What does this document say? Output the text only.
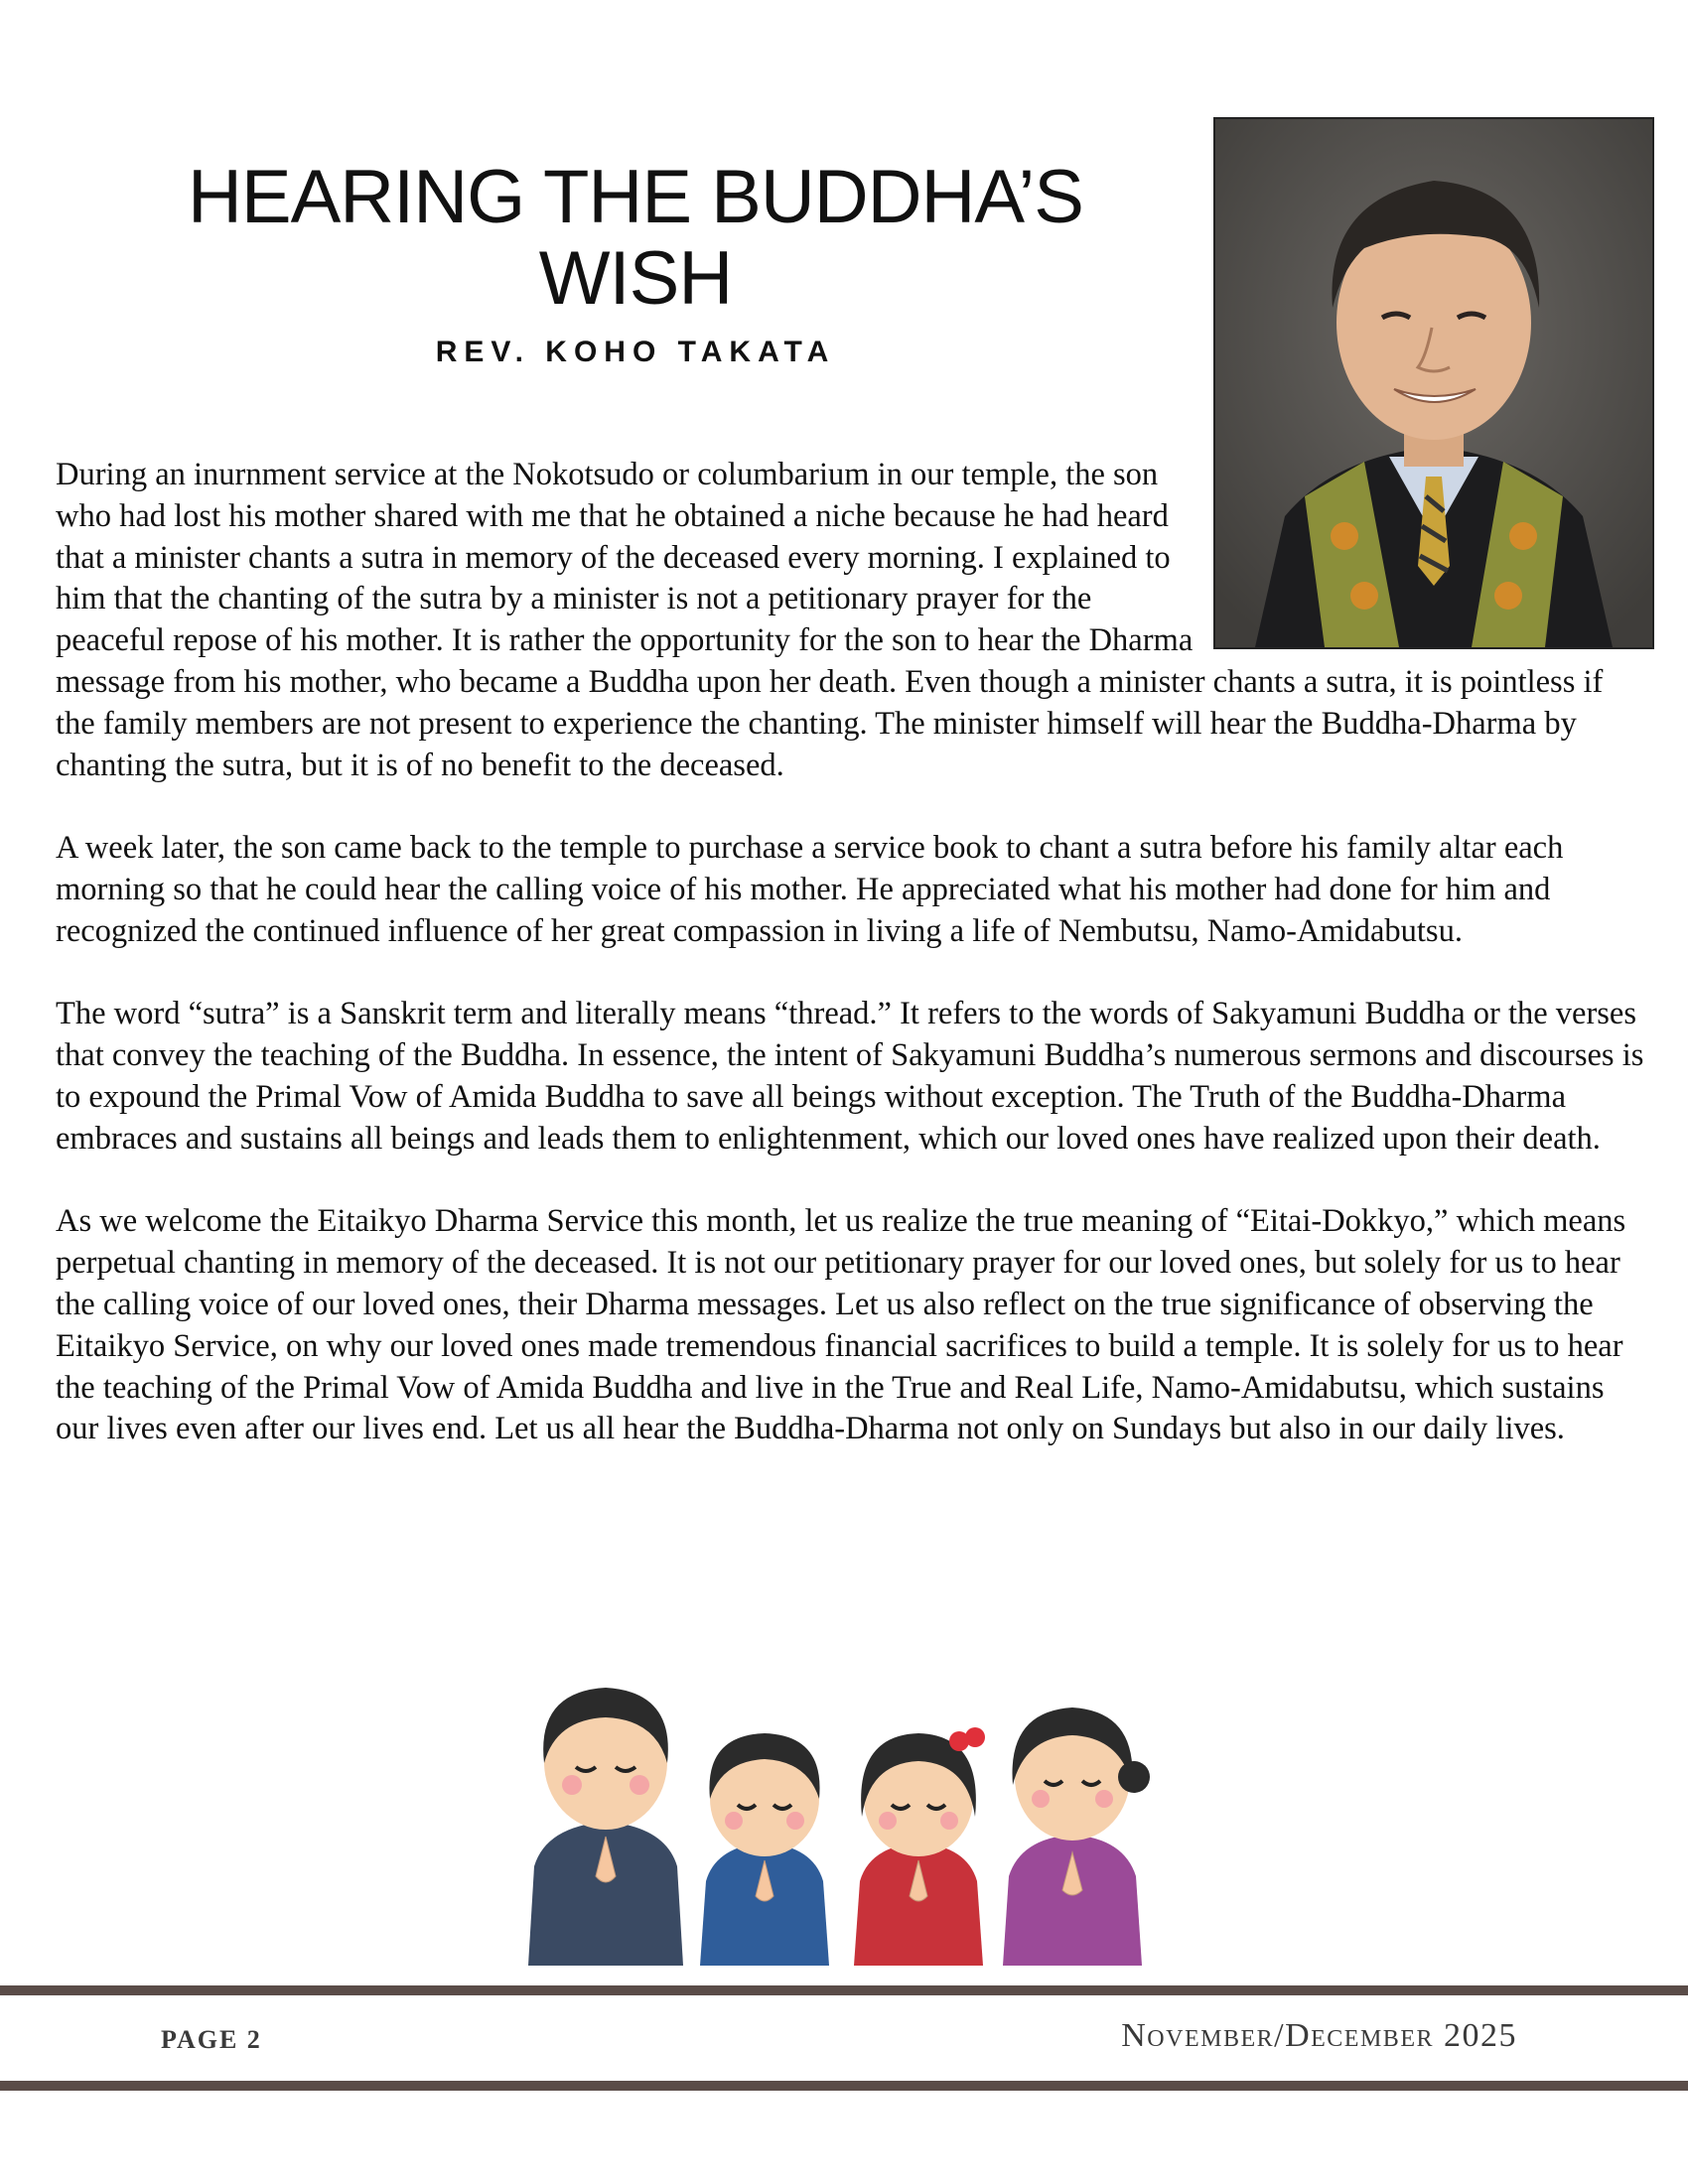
HEARING THE BUDDHA’S
WISH
REV. KOHO TAKATA

During an inurnment service at the Nokotsudo or columbarium in our temple, the son who had lost his mother shared with me that he obtained a niche because he had heard that a minister chants a sutra in memory of the deceased every morning. I explained to him that the chanting of the sutra by a minister is not a petitionary prayer for the peaceful repose of his mother. It is rather the opportunity for the son to hear the Dharma message from his mother, who became a Buddha upon her death. Even though a minister chants a sutra, it is pointless if the family members are not present to experience the chanting. The minister himself will hear the Buddha-Dharma by chanting the sutra, but it is of no benefit to the deceased.

A week later, the son came back to the temple to purchase a service book to chant a sutra before his family altar each morning so that he could hear the calling voice of his mother. He appreciated what his mother had done for him and recognized the continued influence of her great compassion in living a life of Nembutsu, Namo-Amidabutsu.

The word “sutra” is a Sanskrit term and literally means “thread.” It refers to the words of Sakyamuni Buddha or the verses that convey the teaching of the Buddha. In essence, the intent of Sakyamuni Buddha’s numerous sermons and discourses is to expound the Primal Vow of Amida Buddha to save all beings without exception. The Truth of the Buddha-Dharma embraces and sustains all beings and leads them to enlightenment, which our loved ones have realized upon their death.

As we welcome the Eitaikyo Dharma Service this month, let us realize the true meaning of “Eitai-Dokkyo,” which means perpetual chanting in memory of the deceased. It is not our petitionary prayer for our loved ones, but solely for us to hear the calling voice of our loved ones, their Dharma messages. Let us also reflect on the true significance of observing the Eitaikyo Service, on why our loved ones made tremendous financial sacrifices to build a temple. It is solely for us to hear the teaching of the Primal Vow of Amida Buddha and live in the True and Real Life, Namo-Amidabutsu, which sustains our lives even after our lives end. Let us all hear the Buddha-Dharma not only on Sundays but also in our daily lives.

PAGE 2	November/December 2025
